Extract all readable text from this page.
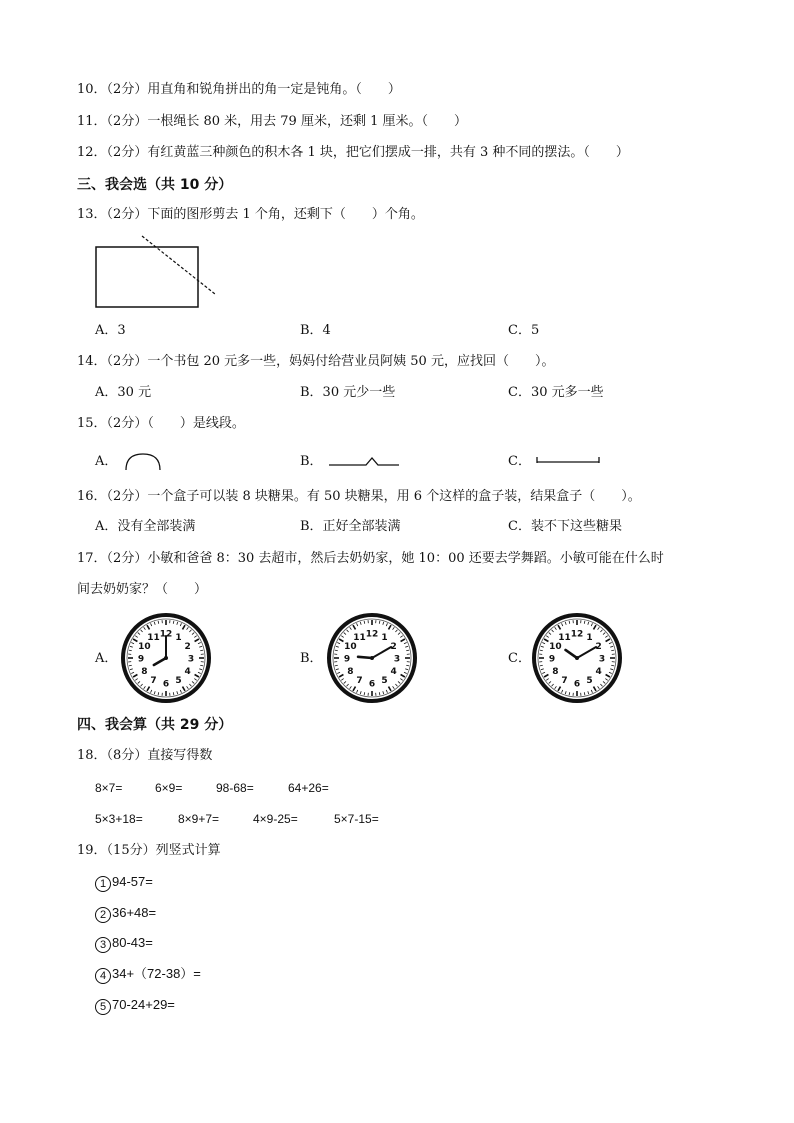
10．（2分）用直角和锐角拼出的角一定是钝角。（　　）
11．（2分）一根绳长 80 米，用去 79 厘米，还剩 1 厘米。（　　）
12．（2分）有红黄蓝三种颜色的积木各 1 块，把它们摆成一排，共有 3 种不同的摆法。（　　）
三、我会选（共 10 分）
13．（2分）下面的图形剪去 1 个角，还剩下（　　）个角。
A．3	B．4	C．5
14．（2分）一个书包 20 元多一些，妈妈付给营业员阿姨 50 元，应找回（　　）。
A．30 元	B．30 元少一些	C．30 元多一些
15．（2分）（　　）是线段。
A．	B．	C．
16．（2分）一个盒子可以装 8 块糖果。有 50 块糖果，用 6 个这样的盒子装，结果盒子（　　）。
A．没有全部装满	B．正好全部装满	C．装不下这些糖果
17．（2分）小敏和爸爸 8：30 去超市，然后去奶奶家，她 10：00 还要去学舞蹈。小敏可能在什么时
间去奶奶家？（　　）
A．
12 1
2
3
4
5
6
7
8
9
10
11
B．
12 1
2
3
4
5
6
7
8
9
10
11
C．
12 1
2
3
4
5
6
7
8
9
10
11
四、我会算（共 29 分）
18．（8分）直接写得数
8×7=	6×9=	98-68=	64+26=
5×3+18=	8×9+7=	4×9-25=	5×7-15=
19．（15分）列竖式计算
1 94-57=
2 36+48=
3 80-43=
4 34+（72-38）=
5 70-24+29=
